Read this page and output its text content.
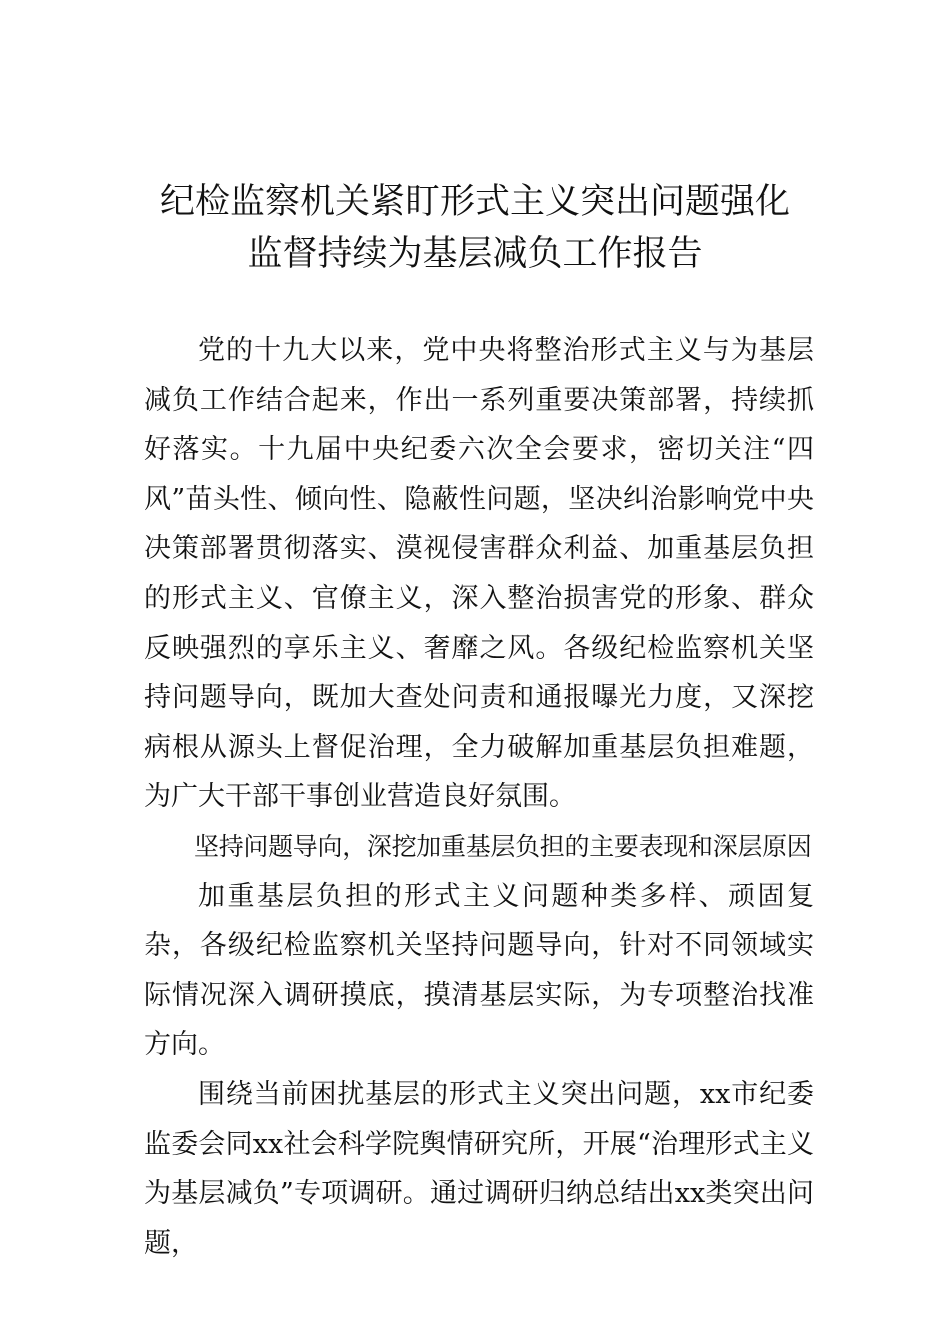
纪检监察机关紧盯形式主义突出问题强化
监督持续为基层减负工作报告

党的十九大以来，党中央将整治形式主义与为基层减负工作结合起来，作出一系列重要决策部署，持续抓好落实。十九届中央纪委六次全会要求，密切关注“四风”苗头性、倾向性、隐蔽性问题，坚决纠治影响党中央决策部署贯彻落实、漠视侵害群众利益、加重基层负担的形式主义、官僚主义，深入整治损害党的形象、群众反映强烈的享乐主义、奢靡之风。各级纪检监察机关坚持问题导向，既加大查处问责和通报曝光力度，又深挖病根从源头上督促治理，全力破解加重基层负担难题，为广大干部干事创业营造良好氛围。

坚持问题导向，深挖加重基层负担的主要表现和深层原因

加重基层负担的形式主义问题种类多样、顽固复杂，各级纪检监察机关坚持问题导向，针对不同领域实际情况深入调研摸底，摸清基层实际，为专项整治找准方向。

围绕当前困扰基层的形式主义突出问题，xx市纪委监委会同xx社会科学院舆情研究所，开展“治理形式主义为基层减负”专项调研。通过调研归纳总结出xx类突出问题，
